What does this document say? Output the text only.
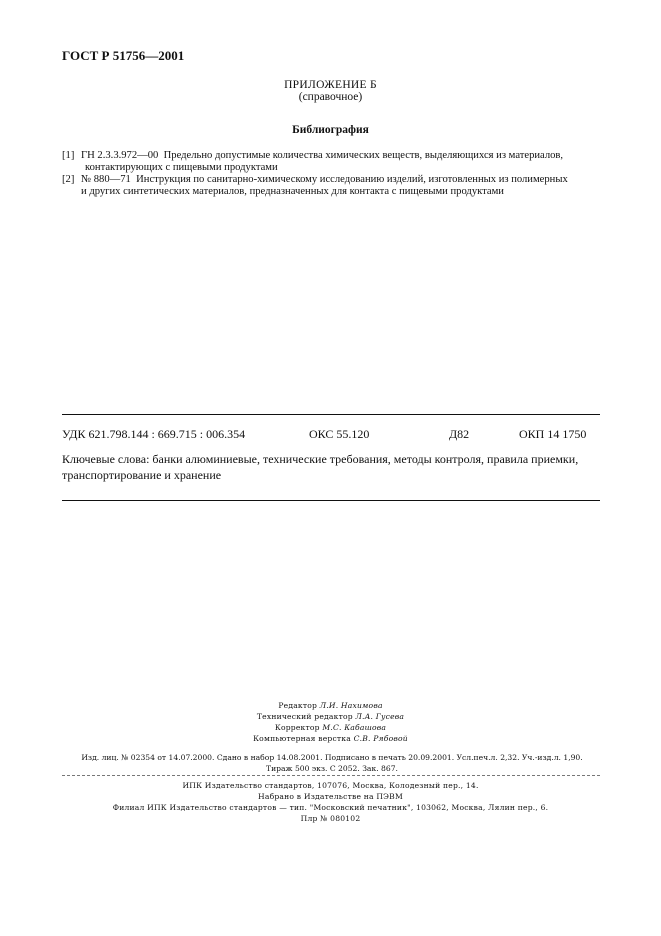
ГОСТ Р 51756—2001
ПРИЛОЖЕНИЕ Б
(справочное)
Библиография
[1] ГН 2.3.3.972—00 Предельно допустимые количества химических веществ, выделяющихся из материалов,
контактирующих с пищевыми продуктами
[2] № 880—71 Инструкция по санитарно-химическому исследованию изделий, изготовленных из полимерных
и других синтетических материалов, предназначенных для контакта с пищевыми продуктами
УДК 621.798.144 : 669.715 : 006.354	ОКС 55.120	Д82	ОКП 14 1750
Ключевые слова: банки алюминиевые, технические требования, методы контроля, правила приемки,
транспортирование и хранение
Редактор Л.И. Нахимова
Технический редактор Л.А. Гусева
Корректор М.С. Кабашова
Компьютерная верстка С.В. Рябовой
Изд. лиц. № 02354 от 14.07.2000. Сдано в набор 14.08.2001. Подписано в печать 20.09.2001. Усл.печ.л. 2,32. Уч.-изд.л. 1,90.
Тираж 500 экз. С 2052. Зак. 867.
ИПК Издательство стандартов, 107076, Москва, Колодезный пер., 14.
Набрано в Издательстве на ПЭВМ
Филиал ИПК Издательство стандартов — тип. "Московский печатник", 103062, Москва, Лялин пер., 6.
Плр № 080102
